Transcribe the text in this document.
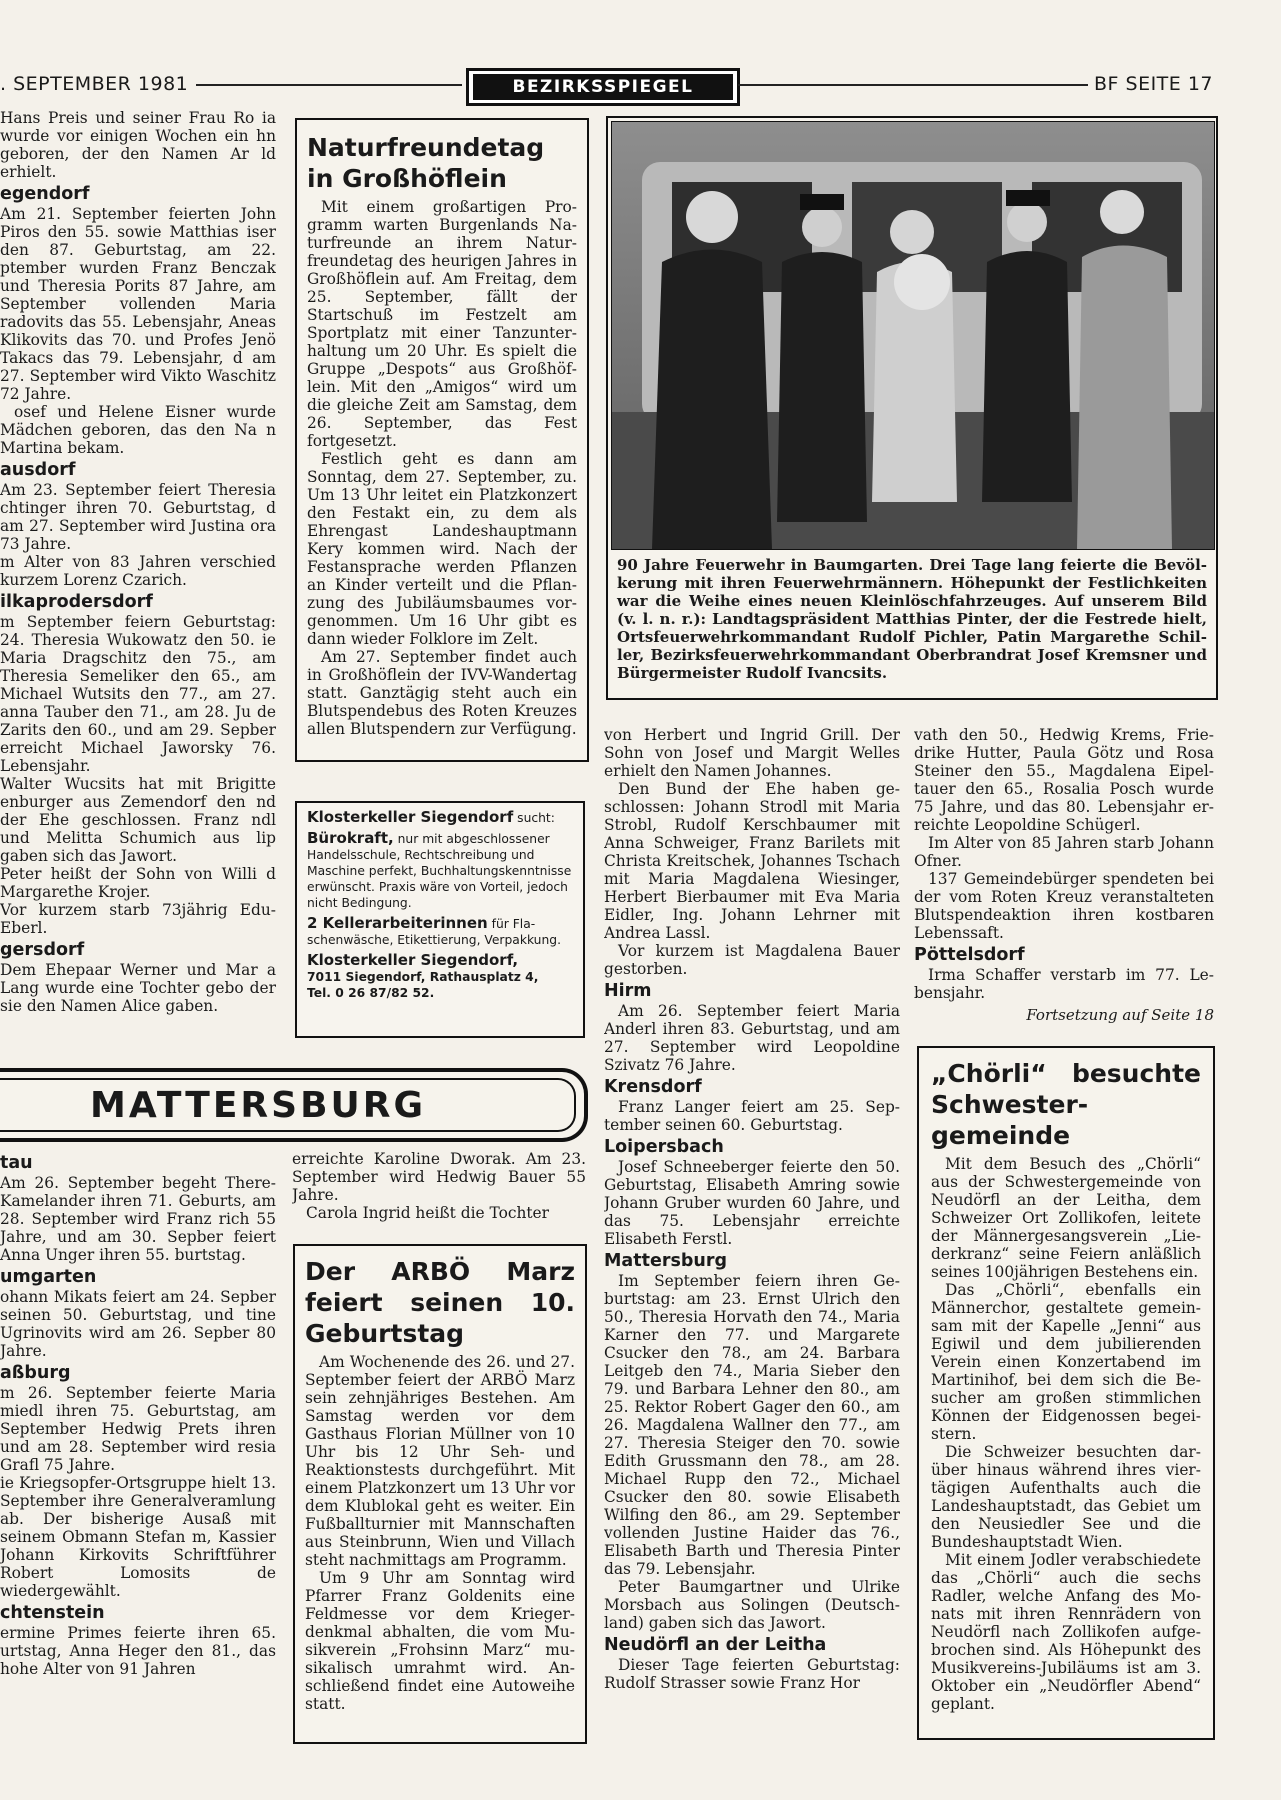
. SEPTEMBER 1981	BEZIRKSSPIEGEL	BF SEITE 17

Hans Preis und seiner Frau Ro ia wurde vor einigen Wochen ein hn geboren, der den Namen Ar ld erhielt.

egendorf

Am 21. September feierten John Piros den 55. sowie Matthias iser den 87. Geburtstag, am 22. ptember wurden Franz Benczak und Theresia Porits 87 Jahre, am September vollenden Maria radovits das 55. Lebensjahr, Aneas Klikovits das 70. und Profes Jenö Takacs das 79. Lebensjahr, d am 27. September wird Vikto Waschitz 72 Jahre.

osef und Helene Eisner wurde Mädchen geboren, das den Na n Martina bekam.

ausdorf

Am 23. September feiert Theresia chtinger ihren 70. Geburtstag, d am 27. September wird Justina ora 73 Jahre.

m Alter von 83 Jahren verschied kurzem Lorenz Czarich.

ilkaprodersdorf

m September feiern Geburtstag: 24. Theresia Wukowatz den 50. ie Maria Dragschitz den 75., am Theresia Semeliker den 65., am Michael Wutsits den 77., am 27. anna Tauber den 71., am 28. Ju de Zarits den 60., und am 29. Sepber erreicht Michael Jaworsky 76. Lebensjahr.

Walter Wucsits hat mit Brigitte enburger aus Zemendorf den nd der Ehe geschlossen. Franz ndl und Melitta Schumich aus lip gaben sich das Jawort.

Peter heißt der Sohn von Willi d Margarethe Krojer.

Vor kurzem starb 73jährig Edu Eberl.

gersdorf

Dem Ehepaar Werner und Mar a Lang wurde eine Tochter gebo der sie den Namen Alice gaben.

Naturfreundetag in Großhöflein

Mit einem großartigen Programm warten Burgenlands Naturfreunde an ihrem Naturfreundetag des heurigen Jahres in Großhöflein auf. Am Freitag, dem 25. September, fällt der Startschuß im Festzelt am Sportplatz mit einer Tanzunterhaltung um 20 Uhr. Es spielt die Gruppe „Despots“ aus Großhöflein. Mit den „Amigos“ wird um die gleiche Zeit am Samstag, dem 26. September, das Fest fortgesetzt.

Festlich geht es dann am Sonntag, dem 27. September, zu. Um 13 Uhr leitet ein Platzkonzert den Festakt ein, zu dem als Ehrengast Landeshauptmann Kery kommen wird. Nach der Festansprache werden Pflanzen an Kinder verteilt und die Pflanzung des Jubiläumsbaumes vorgenommen. Um 16 Uhr gibt es dann wieder Folklore im Zelt.

Am 27. September findet auch in Großhöflein der IVV-Wandertag statt. Ganztägig steht auch ein Blutspendebus des Roten Kreuzes allen Blutspendern zur Verfügung.

Klosterkeller Siegendorf sucht:
Bürokraft, nur mit abgeschlossener Handelsschule, Rechtschreibung und Maschine perfekt, Buchhaltungskenntnisse erwünscht. Praxis wäre von Vorteil, jedoch nicht Bedingung.
2 Kellerarbeiterinnen für Flaschenwäsche, Etikettierung, Verpakkung.
Klosterkeller Siegendorf,
7011 Siegendorf, Rathausplatz 4,
Tel. 0 26 87/82 52.
90 Jahre Feuerwehr in Baumgarten. Drei Tage lang feierte die Bevölkerung mit ihren Feuerwehrmännern. Höhepunkt der Festlichkeiten war die Weihe eines neuen Kleinlöschfahrzeuges. Auf unserem Bild (v. l. n. r.): Landtagspräsident Matthias Pinter, der die Festrede hielt, Ortsfeuerwehrkommandant Rudolf Pichler, Patin Margarethe Schiller, Bezirksfeuerwehrkommandant Oberbrandrat Josef Kremsner und Bürgermeister Rudolf Ivancsits.

von Herbert und Ingrid Grill. Der Sohn von Josef und Margit Welles erhielt den Namen Johannes.

Den Bund der Ehe haben geschlossen: Johann Strodl mit Maria Strobl, Rudolf Kerschbaumer mit Anna Schweiger, Franz Barilets mit Christa Kreitschek, Johannes Tschach mit Maria Magdalena Wiesinger, Herbert Bierbaumer mit Eva Maria Eidler, Ing. Johann Lehrner mit Andrea Lassl.

Vor kurzem ist Magdalena Bauer gestorben.

Hirm

Am 26. September feiert Maria Anderl ihren 83. Geburtstag, und am 27. September wird Leopoldine Szivatz 76 Jahre.

Krensdorf

Franz Langer feiert am 25. September seinen 60. Geburtstag.

Loipersbach

Josef Schneeberger feierte den 50. Geburtstag, Elisabeth Amring sowie Johann Gruber wurden 60 Jahre, und das 75. Lebensjahr erreichte Elisabeth Ferstl.

Mattersburg

Im September feiern ihren Geburtstag: am 23. Ernst Ulrich den 50., Theresia Horvath den 74., Maria Karner den 77. und Margarete Csucker den 78., am 24. Barbara Leitgeb den 74., Maria Sieber den 79. und Barbara Lehner den 80., am 25. Rektor Robert Gager den 60., am 26. Magdalena Wallner den 77., am 27. Theresia Steiger den 70. sowie Edith Grussmann den 78., am 28. Michael Rupp den 72., Michael Csucker den 80. sowie Elisabeth Wilfing den 86., am 29. September vollenden Justine Haider das 76., Elisabeth Barth und Theresia Pinter das 79. Lebensjahr.

Peter Baumgartner und Ulrike Morsbach aus Solingen (Deutschland) gaben sich das Jawort.

Neudörfl an der Leitha

Dieser Tage feierten Geburtstag: Rudolf Strasser sowie Franz Hor

vath den 50., Hedwig Krems, Friedrike Hutter, Paula Götz und Rosa Steiner den 55., Magdalena Eipeltauer den 65., Rosalia Posch wurde 75 Jahre, und das 80. Lebensjahr erreichte Leopoldine Schügerl.

Im Alter von 85 Jahren starb Johann Ofner.

137 Gemeindebürger spendeten bei der vom Roten Kreuz veranstalteten Blutspendeaktion ihren kostbaren Lebenssaft.

Pöttelsdorf

Irma Schaffer verstarb im 77. Lebensjahr.

Fortsetzung auf Seite 18
„Chörli“ besuchte Schwestergemeinde

Mit dem Besuch des „Chörli“ aus der Schwestergemeinde von Neudörfl an der Leitha, dem Schweizer Ort Zollikofen, leitete der Männergesangsverein „Liederkranz“ seine Feiern anläßlich seines 100jährigen Bestehens ein.

Das „Chörli“, ebenfalls ein Männerchor, gestaltete gemeinsam mit der Kapelle „Jenni“ aus Egiwil und dem jubilierenden Verein einen Konzertabend im Martinihof, bei dem sich die Besucher am großen stimmlichen Können der Eidgenossen begeistern.

Die Schweizer besuchten darüber hinaus während ihres viertägigen Aufenthalts auch die Landeshauptstadt, das Gebiet um den Neusiedler See und die Bundeshauptstadt Wien.

Mit einem Jodler verabschiedete das „Chörli“ auch die sechs Radler, welche Anfang des Monats mit ihren Rennrädern von Neudörfl nach Zollikofen aufgebrochen sind. Als Höhepunkt des Musikvereins-Jubiläums ist am 3. Oktober ein „Neudörfler Abend“ geplant.

MATTERSBURG
tau

Am 26. September begeht There Kamelander ihren 71. Geburts, am 28. September wird Franz rich 55 Jahre, und am 30. Sepber feiert Anna Unger ihren 55. burtstag.

umgarten

ohann Mikats feiert am 24. Sepber seinen 50. Geburtstag, und tine Ugrinovits wird am 26. Sepber 80 Jahre.

aßburg

m 26. September feierte Maria miedl ihren 75. Geburtstag, am September Hedwig Prets ihren und am 28. September wird resia Grafl 75 Jahre.

ie Kriegsopfer-Ortsgruppe hielt 13. September ihre Generalveramlung ab. Der bisherige Ausaß mit seinem Obmann Stefan m, Kassier Johann Kirkovits Schriftführer Robert Lomosits de wiedergewählt.

chtenstein

ermine Primes feierte ihren 65. urtstag, Anna Heger den 81., das hohe Alter von 91 Jahren

erreichte Karoline Dworak. Am 23. September wird Hedwig Bauer 55 Jahre.

Carola Ingrid heißt die Tochter

Der ARBÖ Marz feiert seinen 10. Geburtstag

Am Wochenende des 26. und 27. September feiert der ARBÖ Marz sein zehnjähriges Bestehen. Am Samstag werden vor dem Gasthaus Florian Müllner von 10 Uhr bis 12 Uhr Seh- und Reaktionstests durchgeführt. Mit einem Platzkonzert um 13 Uhr vor dem Klublokal geht es weiter. Ein Fußballturnier mit Mannschaften aus Steinbrunn, Wien und Villach steht nachmittags am Programm.

Um 9 Uhr am Sonntag wird Pfarrer Franz Goldenits eine Feldmesse vor dem Kriegerdenkmal abhalten, die vom Musikverein „Frohsinn Marz“ musikalisch umrahmt wird. Anschließend findet eine Autoweihe statt.
